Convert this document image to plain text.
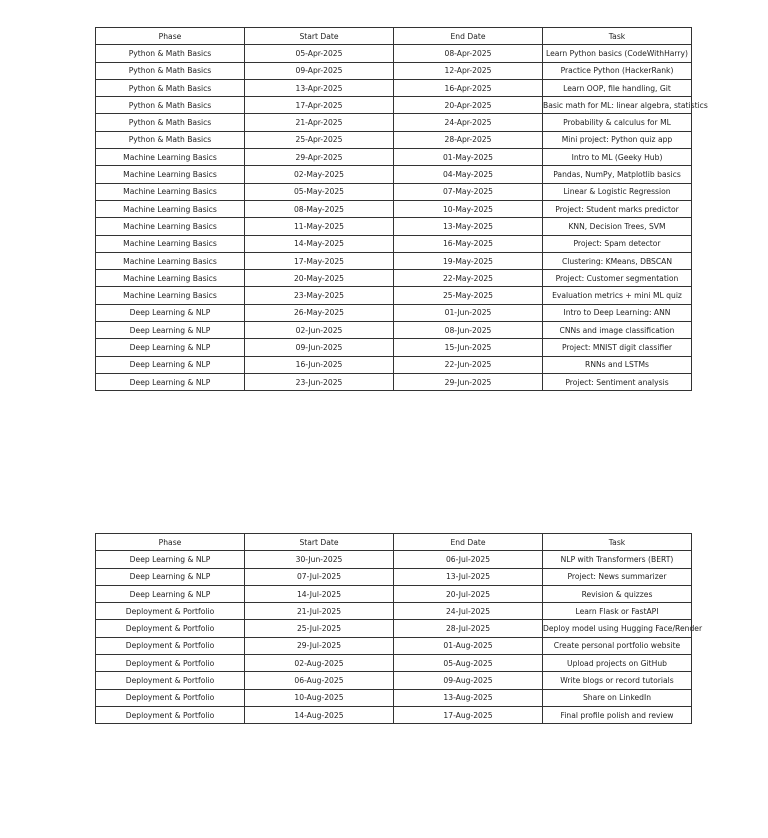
Phase	Start Date	End Date	Task
Python & Math Basics	05-Apr-2025	08-Apr-2025	Learn Python basics (CodeWithHarry)
Python & Math Basics	09-Apr-2025	12-Apr-2025	Practice Python (HackerRank)
Python & Math Basics	13-Apr-2025	16-Apr-2025	Learn OOP, file handling, Git
Python & Math Basics	17-Apr-2025	20-Apr-2025	Basic math for ML: linear algebra, statistics
Python & Math Basics	21-Apr-2025	24-Apr-2025	Probability & calculus for ML
Python & Math Basics	25-Apr-2025	28-Apr-2025	Mini project: Python quiz app
Machine Learning Basics	29-Apr-2025	01-May-2025	Intro to ML (Geeky Hub)
Machine Learning Basics	02-May-2025	04-May-2025	Pandas, NumPy, Matplotlib basics
Machine Learning Basics	05-May-2025	07-May-2025	Linear & Logistic Regression
Machine Learning Basics	08-May-2025	10-May-2025	Project: Student marks predictor
Machine Learning Basics	11-May-2025	13-May-2025	KNN, Decision Trees, SVM
Machine Learning Basics	14-May-2025	16-May-2025	Project: Spam detector
Machine Learning Basics	17-May-2025	19-May-2025	Clustering: KMeans, DBSCAN
Machine Learning Basics	20-May-2025	22-May-2025	Project: Customer segmentation
Machine Learning Basics	23-May-2025	25-May-2025	Evaluation metrics + mini ML quiz
Deep Learning & NLP	26-May-2025	01-Jun-2025	Intro to Deep Learning: ANN
Deep Learning & NLP	02-Jun-2025	08-Jun-2025	CNNs and image classification
Deep Learning & NLP	09-Jun-2025	15-Jun-2025	Project: MNIST digit classifier
Deep Learning & NLP	16-Jun-2025	22-Jun-2025	RNNs and LSTMs
Deep Learning & NLP	23-Jun-2025	29-Jun-2025	Project: Sentiment analysis
Phase	Start Date	End Date	Task
Deep Learning & NLP	30-Jun-2025	06-Jul-2025	NLP with Transformers (BERT)
Deep Learning & NLP	07-Jul-2025	13-Jul-2025	Project: News summarizer
Deep Learning & NLP	14-Jul-2025	20-Jul-2025	Revision & quizzes
Deployment & Portfolio	21-Jul-2025	24-Jul-2025	Learn Flask or FastAPI
Deployment & Portfolio	25-Jul-2025	28-Jul-2025	Deploy model using Hugging Face/Render
Deployment & Portfolio	29-Jul-2025	01-Aug-2025	Create personal portfolio website
Deployment & Portfolio	02-Aug-2025	05-Aug-2025	Upload projects on GitHub
Deployment & Portfolio	06-Aug-2025	09-Aug-2025	Write blogs or record tutorials
Deployment & Portfolio	10-Aug-2025	13-Aug-2025	Share on LinkedIn
Deployment & Portfolio	14-Aug-2025	17-Aug-2025	Final profile polish and review
